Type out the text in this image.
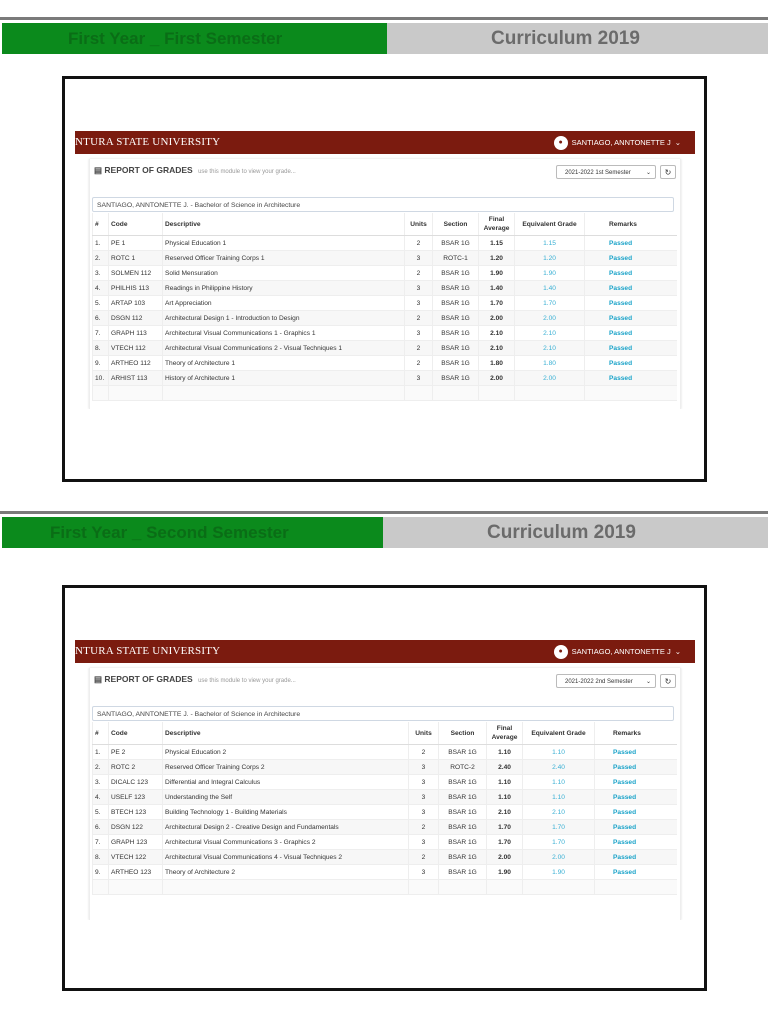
First Year _ First Semester	Curriculum 2019
NTURA STATE UNIVERSITY	●	SANTIAGO, ANNTONETTE J ⌄
▤ REPORT OF GRADES use this module to view your grade...	2021-2022 1st Semester	⌄	↻
SANTIAGO, ANNTONETTE J. - Bachelor of Science in Architecture
#	Code	Descriptive	Units	Section	Final Average	Equivalent Grade	Remarks
1.	PE 1	Physical Education 1	2	BSAR 1G	1.15	1.15	Passed
2.	ROTC 1	Reserved Officer Training Corps 1	3	ROTC-1	1.20	1.20	Passed
3.	SOLMEN 112	Solid Mensuration	2	BSAR 1G	1.90	1.90	Passed
4.	PHILHIS 113	Readings in Philippine History	3	BSAR 1G	1.40	1.40	Passed
5.	ARTAP 103	Art Appreciation	3	BSAR 1G	1.70	1.70	Passed
6.	DSGN 112	Architectural Design 1 - Introduction to Design	2	BSAR 1G	2.00	2.00	Passed
7.	GRAPH 113	Architectural Visual Communications 1 - Graphics 1	3	BSAR 1G	2.10	2.10	Passed
8.	VTECH 112	Architectural Visual Communications 2 - Visual Techniques 1	2	BSAR 1G	2.10	2.10	Passed
9.	ARTHEO 112	Theory of Architecture 1	2	BSAR 1G	1.80	1.80	Passed
10.	ARHIST 113	History of Architecture 1	3	BSAR 1G	2.00	2.00	Passed

First Year _ Second Semester	Curriculum 2019
NTURA STATE UNIVERSITY	●	SANTIAGO, ANNTONETTE J ⌄
▤ REPORT OF GRADES use this module to view your grade...	2021-2022 2nd Semester ⌄	↻
SANTIAGO, ANNTONETTE J. - Bachelor of Science in Architecture
#	Code	Descriptive	Units	Section	Final Average	Equivalent Grade	Remarks
1.	PE 2	Physical Education 2	2	BSAR 1G	1.10	1.10	Passed
2.	ROTC 2	Reserved Officer Training Corps 2	3	ROTC-2	2.40	2.40	Passed
3.	DICALC 123	Differential and Integral Calculus	3	BSAR 1G	1.10	1.10	Passed
4.	USELF 123	Understanding the Self	3	BSAR 1G	1.10	1.10	Passed
5.	BTECH 123	Building Technology 1 - Building Materials	3	BSAR 1G	2.10	2.10	Passed
6.	DSGN 122	Architectural Design 2 - Creative Design and Fundamentals	2	BSAR 1G	1.70	1.70	Passed
7.	GRAPH 123	Architectural Visual Communications 3 - Graphics 2	3	BSAR 1G	1.70	1.70	Passed
8.	VTECH 122	Architectural Visual Communications 4 - Visual Techniques 2	2	BSAR 1G	2.00	2.00	Passed
9.	ARTHEO 123	Theory of Architecture 2	3	BSAR 1G	1.90	1.90	Passed
